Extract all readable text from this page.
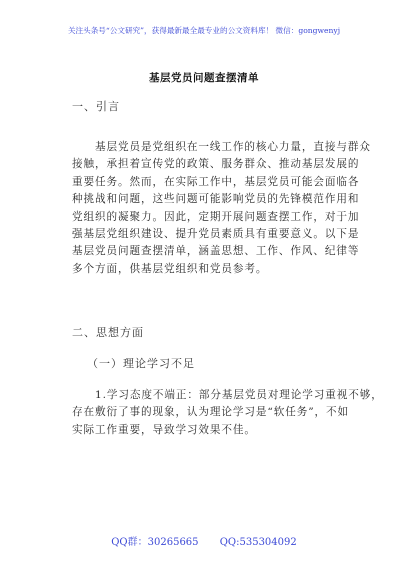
关注头条号“公文研究”，获得最新最全最专业的公文资料库！ 微信：gongwenyj
基层党员问题查摆清单
一、引言
　　基层党员是党组织在一线工作的核心力量，直接与群众
接触，承担着宣传党的政策、服务群众、推动基层发展的
重要任务。然而，在实际工作中，基层党员可能会面临各
种挑战和问题，这些问题可能影响党员的先锋模范作用和
党组织的凝聚力。因此，定期开展问题查摆工作，对于加
强基层党组织建设、提升党员素质具有重要意义。以下是
基层党员问题查摆清单，涵盖思想、工作、作风、纪律等
多个方面，供基层党组织和党员参考。
二、思想方面
（一）理论学习不足
　　1.学习态度不端正：部分基层党员对理论学习重视不够，
存在敷衍了事的现象，认为理论学习是“软任务”，不如
实际工作重要，导致学习效果不佳。
QQ群：30265665 QQ:535304092
